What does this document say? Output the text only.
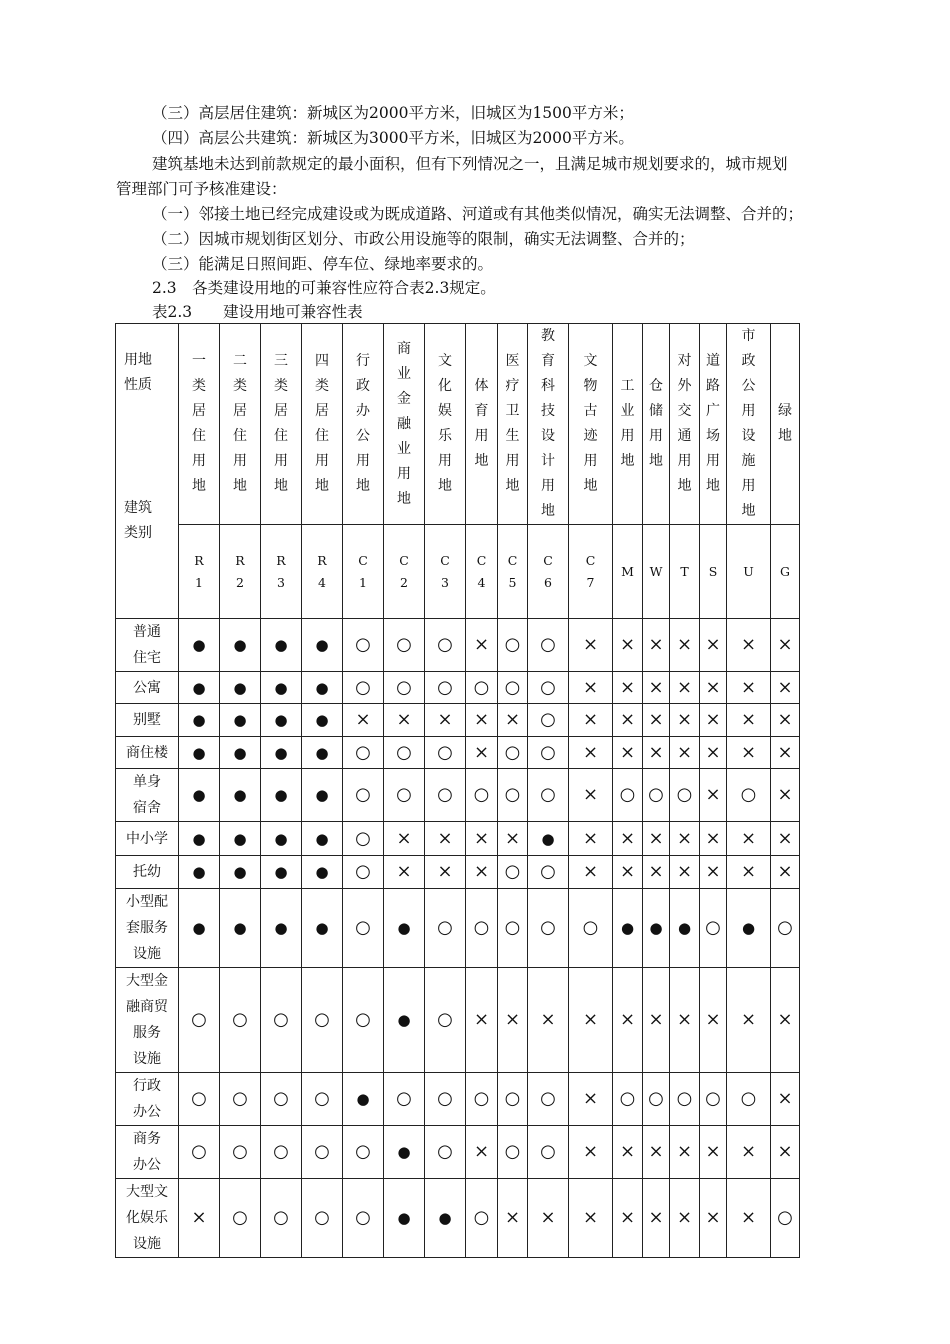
（三）高层居住建筑：新城区为2000平方米，旧城区为1500平方米；
（四）高层公共建筑：新城区为3000平方米，旧城区为2000平方米。
建筑基地未达到前款规定的最小面积，但有下列情况之一，且满足城市规划要求的，城市规划
管理部门可予核准建设：
（一）邻接土地已经完成建设或为既成道路、河道或有其他类似情况，确实无法调整、合并的；
（二）因城市规划街区划分、市政公用设施等的限制，确实无法调整、合并的；
（三）能满足日照间距、停车位、绿地率要求的。
2.3　各类建设用地的可兼容性应符合表2.3规定。
表2.3　　建设用地可兼容性表
用地
性质
建筑
类别	一类居住用地	二类居住用地	三类居住用地	四类居住用地	行政办公用地	商业金融业用地	文化娱乐用地	体育用地	医疗卫生用地	教育科技设计用地	文物古迹用地	工业用地	仓储用地	对外交通用地	道路广场用地	市政公用设施用地	绿地

	R1	R2	R3	R4	C1	C2	C3	C4	C5	C6	C7	M	W	T	S	U	G

普通
住宅	●	●	●	●	○	○	○	×	○	○	×	×	×	×	×	×	×

公寓	●	●	●	●	○	○	○	○	○	○	×	×	×	×	×	×	×

别墅	●	●	●	●	×	×	×	×	×	○	×	×	×	×	×	×	×

商住楼	●	●	●	●	○	○	○	×	○	○	×	×	×	×	×	×	×

单身
宿舍	●	●	●	●	○	○	○	○	○	○	×	○	○	○	×	○	×

中小学	●	●	●	●	○	×	×	×	×	●	×	×	×	×	×	×	×

托幼	●	●	●	●	○	×	×	×	○	○	×	×	×	×	×	×	×

小型配
套服务
设施	●	●	●	●	○	●	○	○	○	○	○	●	●	●	○	●	○

大型金
融商贸
服务
设施	○	○	○	○	○	●	○	×	×	×	×	×	×	×	×	×	×

行政
办公	○	○	○	○	●	○	○	○	○	○	×	○	○	○	○	○	×

商务
办公	○	○	○	○	○	●	○	×	○	○	×	×	×	×	×	×	×

大型文
化娱乐
设施	×	○	○	○	○	●	●	○	×	×	×	×	×	×	×	×	○
